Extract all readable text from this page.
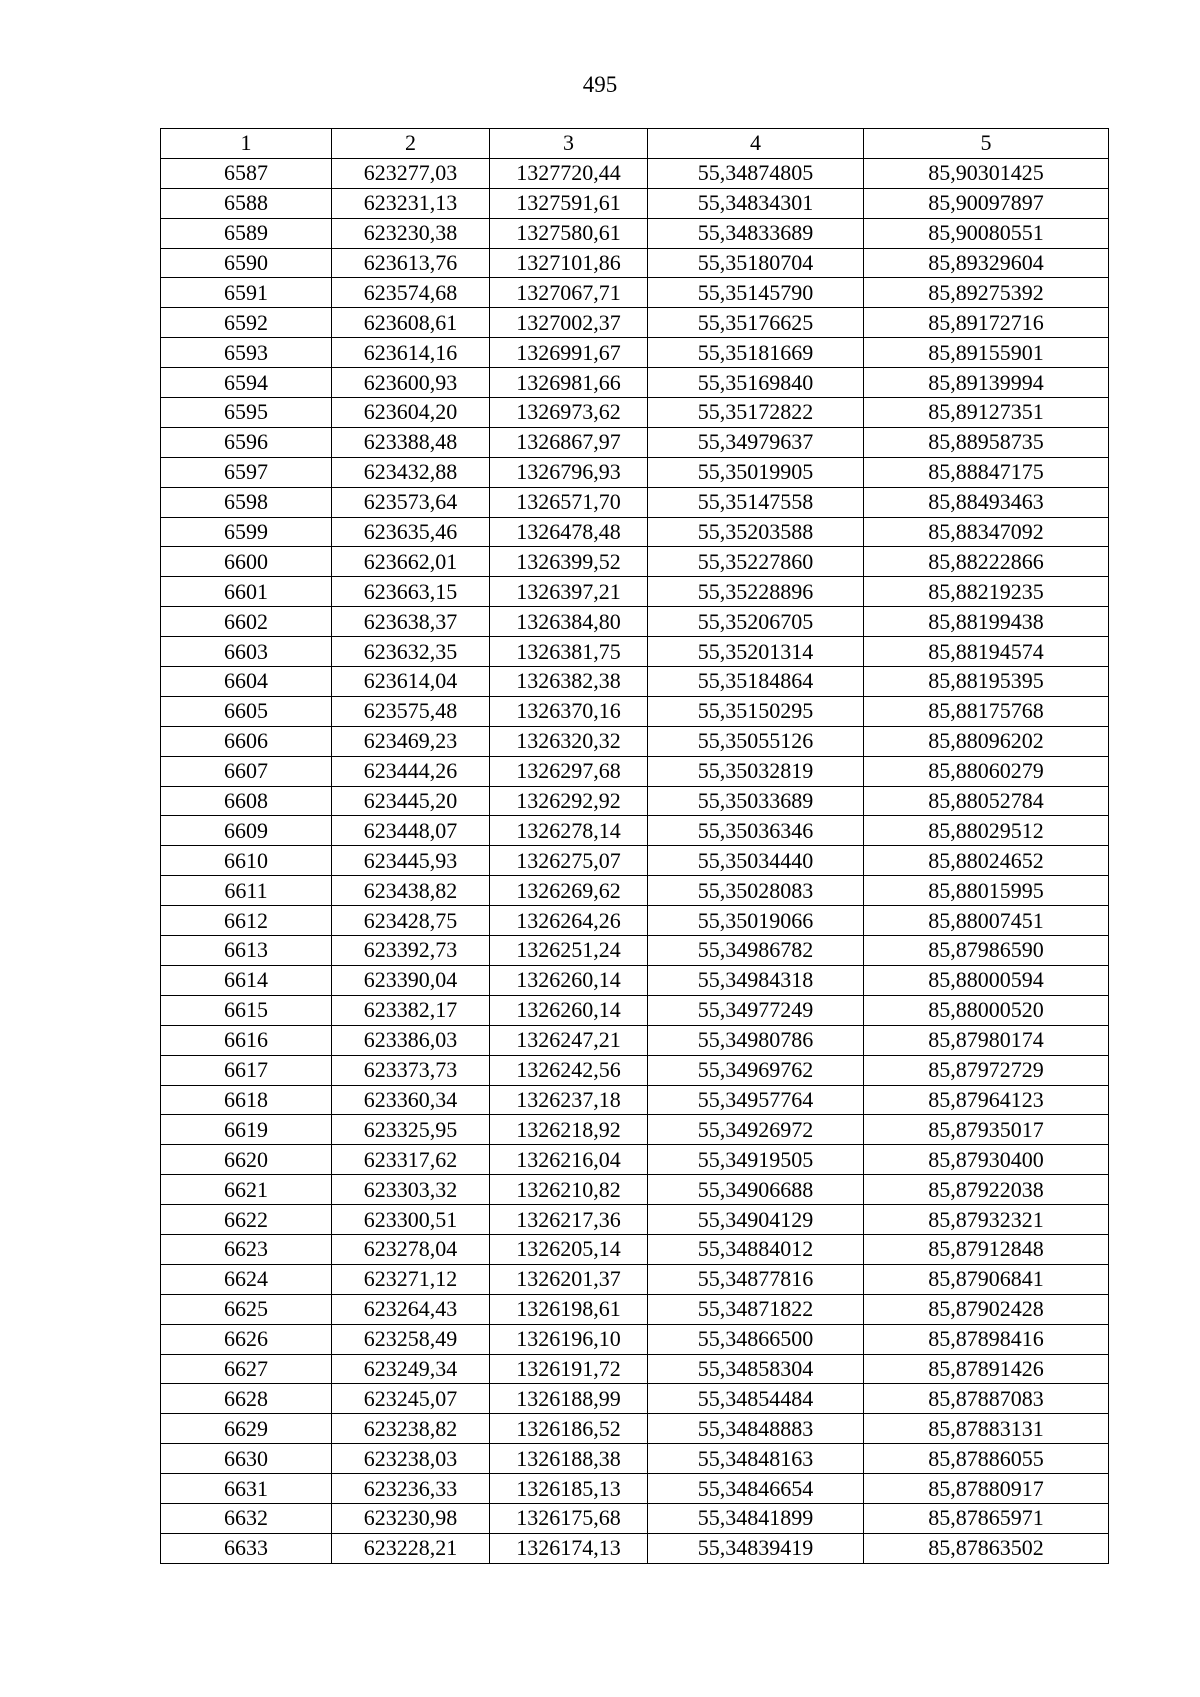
495
1	2	3	4	5
6587	623277,03	1327720,44	55,34874805	85,90301425
6588	623231,13	1327591,61	55,34834301	85,90097897
6589	623230,38	1327580,61	55,34833689	85,90080551
6590	623613,76	1327101,86	55,35180704	85,89329604
6591	623574,68	1327067,71	55,35145790	85,89275392
6592	623608,61	1327002,37	55,35176625	85,89172716
6593	623614,16	1326991,67	55,35181669	85,89155901
6594	623600,93	1326981,66	55,35169840	85,89139994
6595	623604,20	1326973,62	55,35172822	85,89127351
6596	623388,48	1326867,97	55,34979637	85,88958735
6597	623432,88	1326796,93	55,35019905	85,88847175
6598	623573,64	1326571,70	55,35147558	85,88493463
6599	623635,46	1326478,48	55,35203588	85,88347092
6600	623662,01	1326399,52	55,35227860	85,88222866
6601	623663,15	1326397,21	55,35228896	85,88219235
6602	623638,37	1326384,80	55,35206705	85,88199438
6603	623632,35	1326381,75	55,35201314	85,88194574
6604	623614,04	1326382,38	55,35184864	85,88195395
6605	623575,48	1326370,16	55,35150295	85,88175768
6606	623469,23	1326320,32	55,35055126	85,88096202
6607	623444,26	1326297,68	55,35032819	85,88060279
6608	623445,20	1326292,92	55,35033689	85,88052784
6609	623448,07	1326278,14	55,35036346	85,88029512
6610	623445,93	1326275,07	55,35034440	85,88024652
6611	623438,82	1326269,62	55,35028083	85,88015995
6612	623428,75	1326264,26	55,35019066	85,88007451
6613	623392,73	1326251,24	55,34986782	85,87986590
6614	623390,04	1326260,14	55,34984318	85,88000594
6615	623382,17	1326260,14	55,34977249	85,88000520
6616	623386,03	1326247,21	55,34980786	85,87980174
6617	623373,73	1326242,56	55,34969762	85,87972729
6618	623360,34	1326237,18	55,34957764	85,87964123
6619	623325,95	1326218,92	55,34926972	85,87935017
6620	623317,62	1326216,04	55,34919505	85,87930400
6621	623303,32	1326210,82	55,34906688	85,87922038
6622	623300,51	1326217,36	55,34904129	85,87932321
6623	623278,04	1326205,14	55,34884012	85,87912848
6624	623271,12	1326201,37	55,34877816	85,87906841
6625	623264,43	1326198,61	55,34871822	85,87902428
6626	623258,49	1326196,10	55,34866500	85,87898416
6627	623249,34	1326191,72	55,34858304	85,87891426
6628	623245,07	1326188,99	55,34854484	85,87887083
6629	623238,82	1326186,52	55,34848883	85,87883131
6630	623238,03	1326188,38	55,34848163	85,87886055
6631	623236,33	1326185,13	55,34846654	85,87880917
6632	623230,98	1326175,68	55,34841899	85,87865971
6633	623228,21	1326174,13	55,34839419	85,87863502
